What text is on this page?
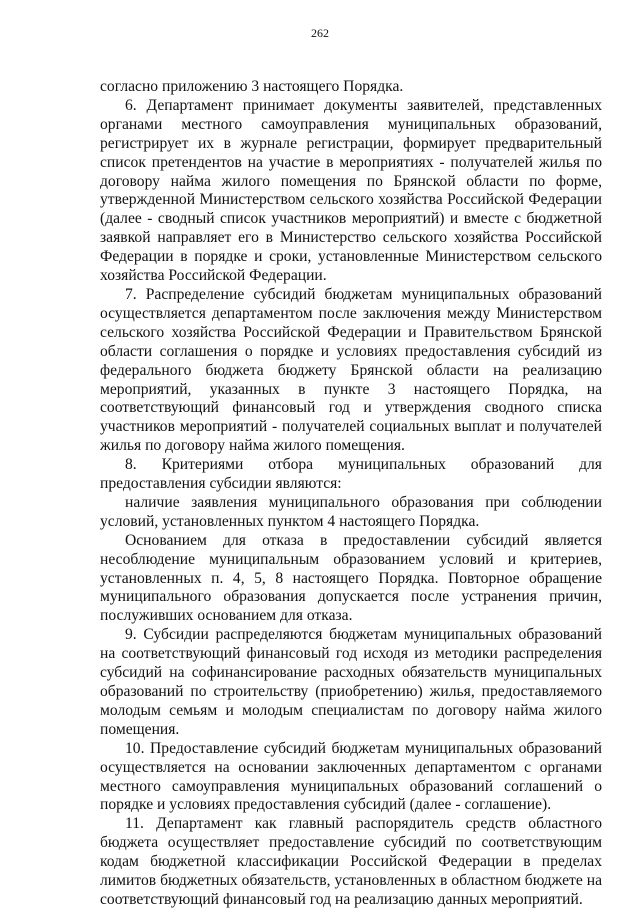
262

согласно приложению 3 настоящего Порядка.

6. Департамент принимает документы заявителей, представленных органами местного самоуправления муниципальных образований, регистрирует их в журнале регистрации, формирует предварительный список претендентов на участие в мероприятиях - получателей жилья по договору найма жилого помещения по Брянской области по форме, утвержденной Министерством сельского хозяйства Российской Федерации (далее - сводный список участников мероприятий) и вместе с бюджетной заявкой направляет его в Министерство сельского хозяйства Российской Федерации в порядке и сроки, установленные Министерством сельского хозяйства Российской Федерации.

7. Распределение субсидий бюджетам муниципальных образований осуществляется департаментом после заключения между Министерством сельского хозяйства Российской Федерации и Правительством Брянской области соглашения о порядке и условиях предоставления субсидий из федерального бюджета бюджету Брянской области на реализацию мероприятий, указанных в пункте 3 настоящего Порядка, на соответствующий финансовый год и утверждения сводного списка участников мероприятий - получателей социальных выплат и получателей жилья по договору найма жилого помещения.

8. Критериями отбора муниципальных образований для предоставления субсидии являются:

наличие заявления муниципального образования при соблюдении условий, установленных пунктом 4 настоящего Порядка.

Основанием для отказа в предоставлении субсидий является несоблюдение муниципальным образованием условий и критериев, установленных п. 4, 5, 8 настоящего Порядка. Повторное обращение муниципального образования допускается после устранения причин, послуживших основанием для отказа.

9. Субсидии распределяются бюджетам муниципальных образований на соответствующий финансовый год исходя из методики распределения субсидий на софинансирование расходных обязательств муниципальных образований по строительству (приобретению) жилья, предоставляемого молодым семьям и молодым специалистам по договору найма жилого помещения.

10. Предоставление субсидий бюджетам муниципальных образований осуществляется на основании заключенных департаментом с органами местного самоуправления муниципальных образований соглашений о порядке и условиях предоставления субсидий (далее - соглашение).

11. Департамент как главный распорядитель средств областного бюджета осуществляет предоставление субсидий по соответствующим кодам бюджетной классификации Российской Федерации в пределах лимитов бюджетных обязательств, установленных в областном бюджете на соответствующий финансовый год на реализацию данных мероприятий.
